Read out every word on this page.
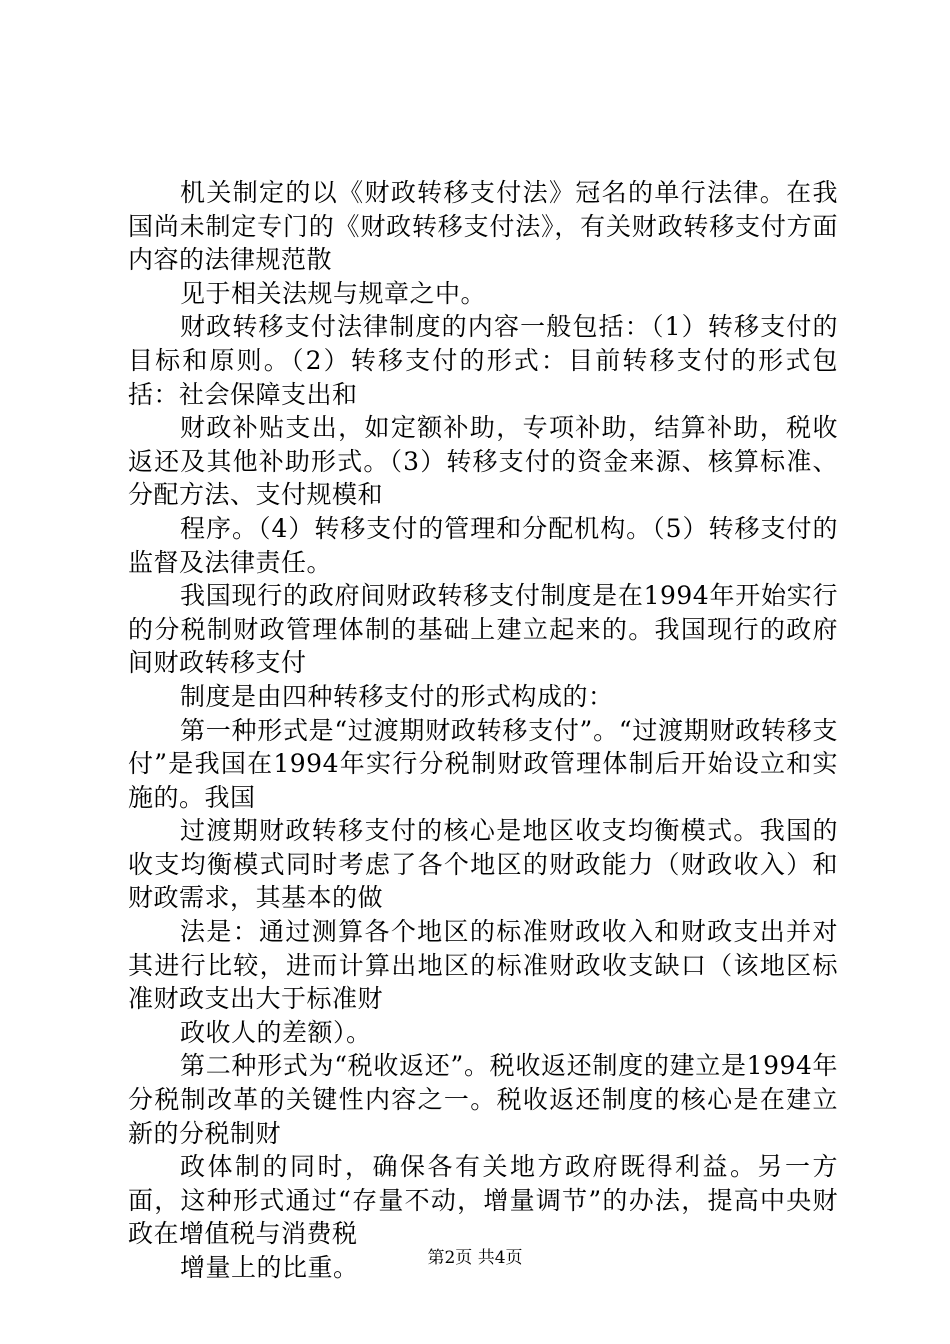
机关制定的以《财政转移支付法》冠名的单行法律。在我国尚未制定专门的《财政转移支付法》，有关财政转移支付方面内容的法律规范散

见于相关法规与规章之中。

财政转移支付法律制度的内容一般包括：（1）转移支付的目标和原则。（2）转移支付的形式：目前转移支付的形式包括：社会保障支出和

财政补贴支出，如定额补助，专项补助，结算补助，税收返还及其他补助形式。（3）转移支付的资金来源、核算标准、分配方法、支付规模和

程序。（4）转移支付的管理和分配机构。（5）转移支付的监督及法律责任。

我国现行的政府间财政转移支付制度是在1994年开始实行的分税制财政管理体制的基础上建立起来的。我国现行的政府间财政转移支付

制度是由四种转移支付的形式构成的：

第一种形式是“过渡期财政转移支付”。“过渡期财政转移支付”是我国在1994年实行分税制财政管理体制后开始设立和实施的。我国

过渡期财政转移支付的核心是地区收支均衡模式。我国的收支均衡模式同时考虑了各个地区的财政能力（财政收入）和财政需求，其基本的做

法是：通过测算各个地区的标准财政收入和财政支出并对其进行比较，进而计算出地区的标准财政收支缺口（该地区标准财政支出大于标准财

政收人的差额）。

第二种形式为“税收返还”。税收返还制度的建立是1994年分税制改革的关键性内容之一。税收返还制度的核心是在建立新的分税制财

政体制的同时，确保各有关地方政府既得利益。另一方面，这种形式通过“存量不动，增量调节”的办法，提高中央财政在增值税与消费税

增量上的比重。	第2页 共4页
